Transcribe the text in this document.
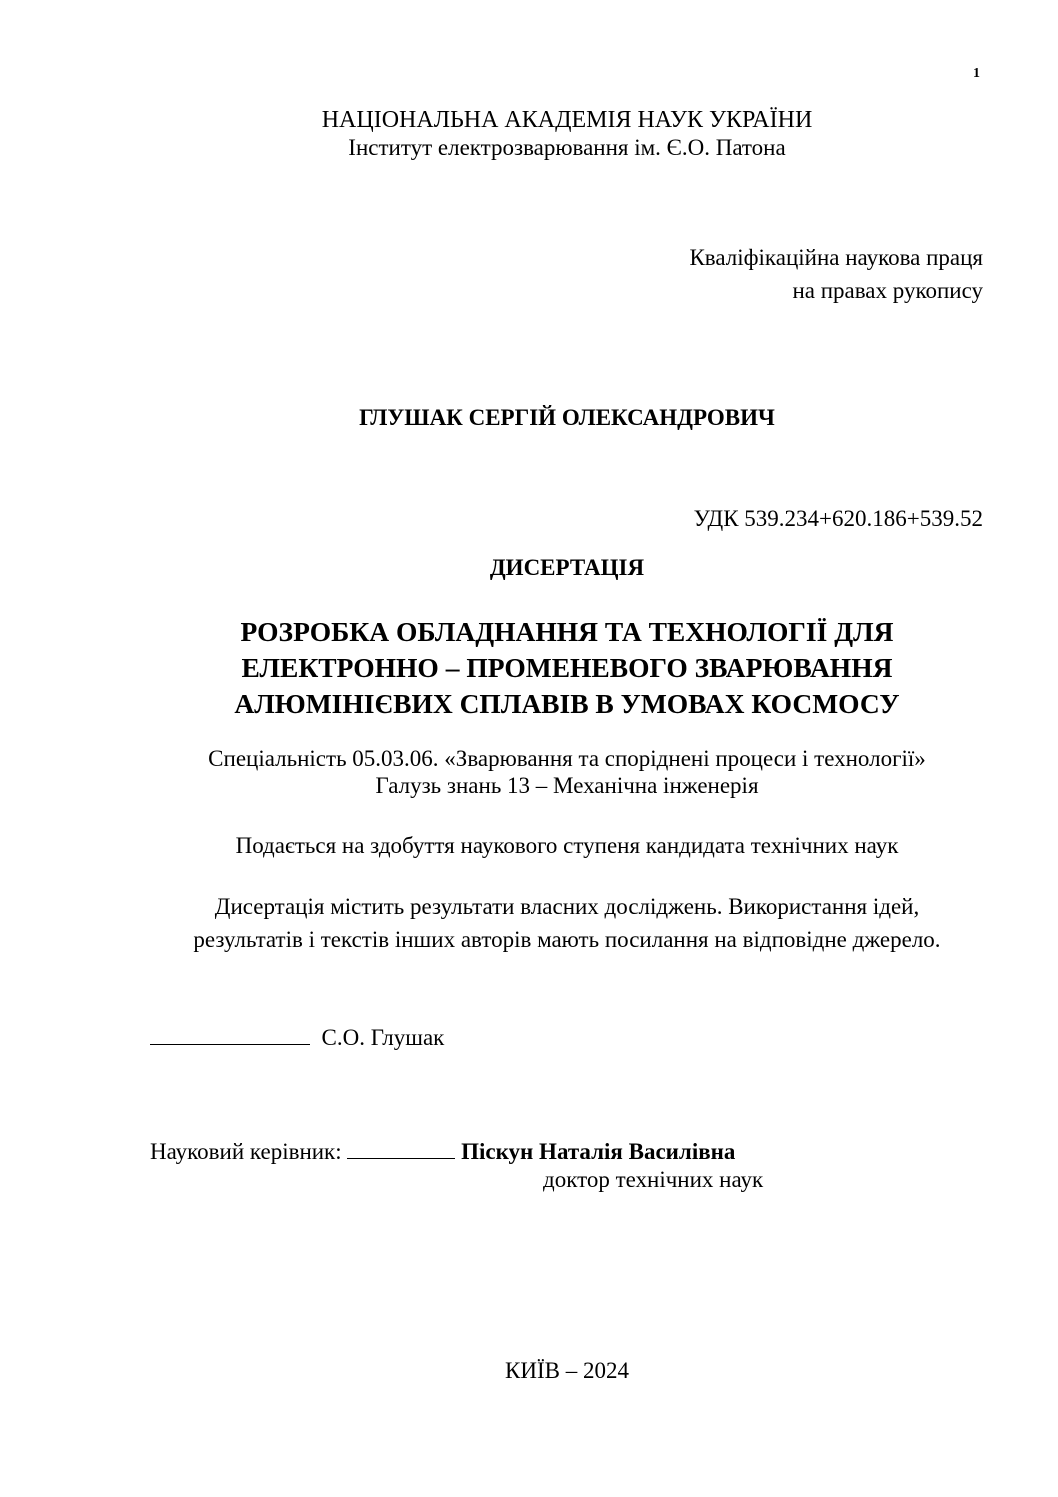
1
НАЦІОНАЛЬНА АКАДЕМІЯ НАУК УКРАЇНИ
Інститут електрозварювання ім. Є.О. Патона
Кваліфікаційна наукова праця
на правах рукопису
ГЛУШАК СЕРГІЙ ОЛЕКСАНДРОВИЧ
УДК 539.234+620.186+539.52
ДИСЕРТАЦІЯ
РОЗРОБКА ОБЛАДНАННЯ ТА ТЕХНОЛОГІЇ ДЛЯ
ЕЛЕКТРОННО – ПРОМЕНЕВОГО ЗВАРЮВАННЯ
АЛЮМІНІЄВИХ СПЛАВІВ В УМОВАХ КОСМОСУ
Спеціальність 05.03.06. «Зварювання та споріднені процеси і технології»
Галузь знань 13 – Механічна інженерія
Подається на здобуття наукового ступеня кандидата технічних наук
Дисертація містить результати власних досліджень. Використання ідей,
результатів і текстів інших авторів мають посилання на відповідне джерело.
С.О. Глушак
Науковий керівник:	Піскун Наталія Василівна
доктор технічних наук
КИЇВ – 2024
